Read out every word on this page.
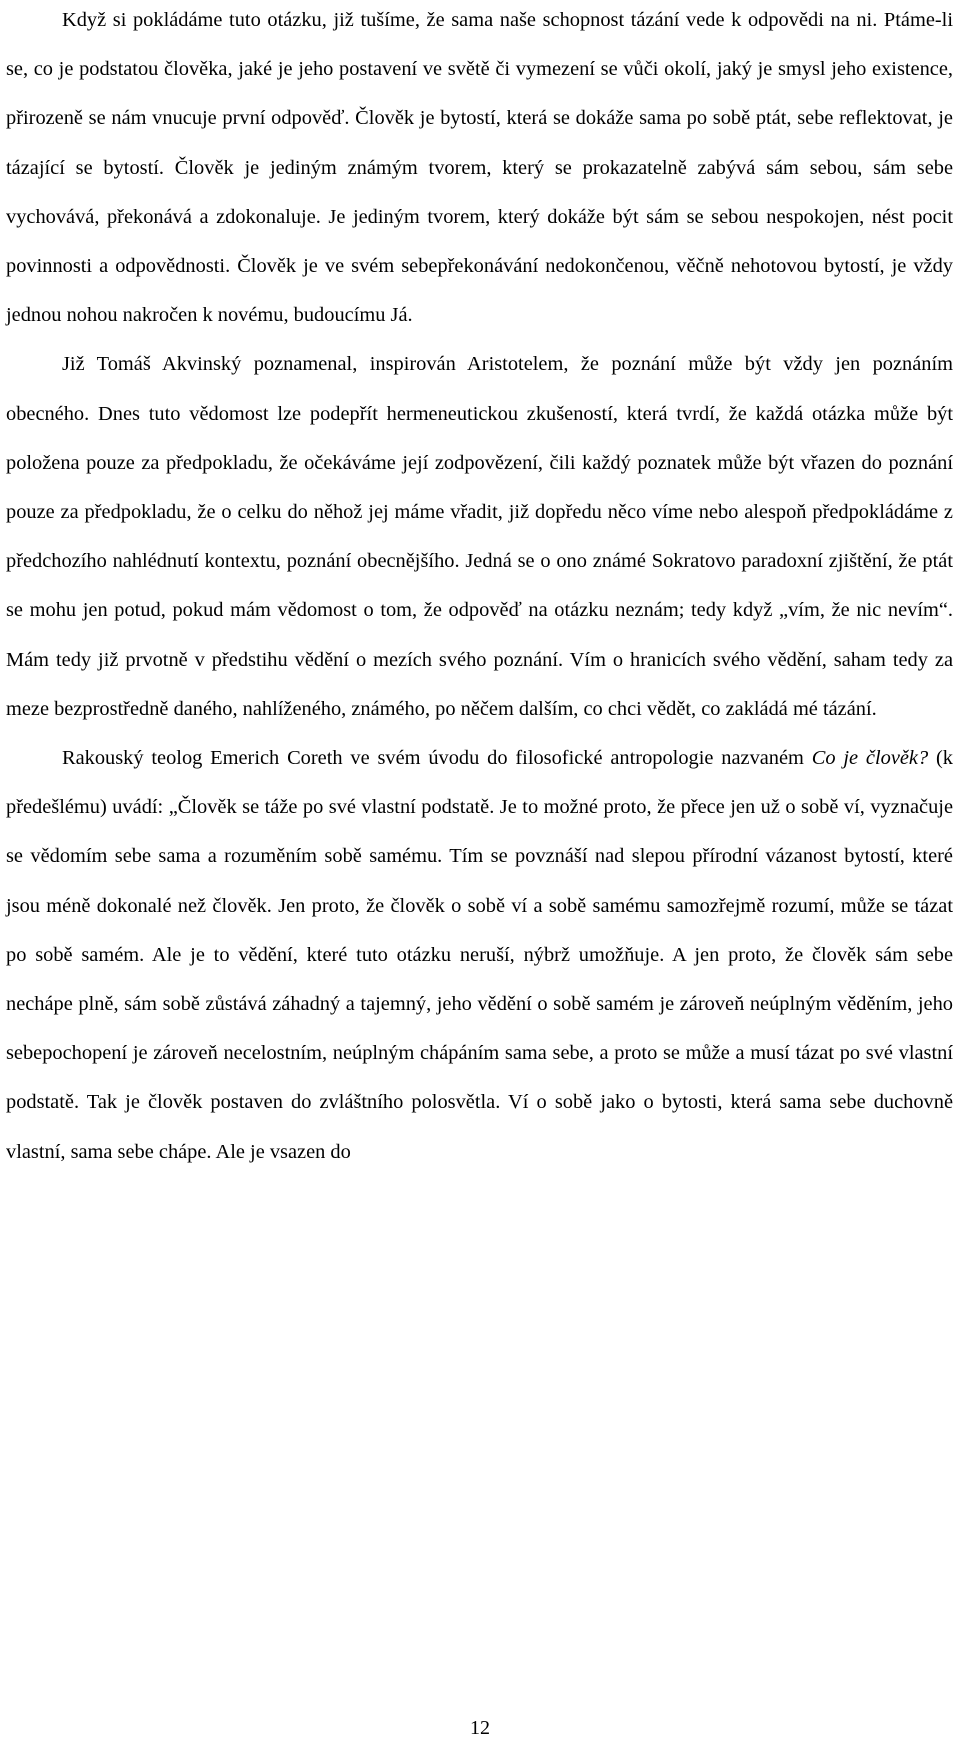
Když si pokládáme tuto otázku, již tušíme, že sama naše schopnost tázání vede k odpovědi na ni. Ptáme-li se, co je podstatou člověka, jaké je jeho postavení ve světě či vymezení se vůči okolí, jaký je smysl jeho existence, přirozeně se nám vnucuje první odpověď. Člověk je bytostí, která se dokáže sama po sobě ptát, sebe reflektovat, je tázající se bytostí. Člověk je jediným známým tvorem, který se prokazatelně zabývá sám sebou, sám sebe vychovává, překonává a zdokonaluje. Je jediným tvorem, který dokáže být sám se sebou nespokojen, nést pocit povinnosti a odpovědnosti. Člověk je ve svém sebepřekonávání nedokončenou, věčně nehotovou bytostí, je vždy jednou nohou nakročen k novému, budoucímu Já.

Již Tomáš Akvinský poznamenal, inspirován Aristotelem, že poznání může být vždy jen poznáním obecného. Dnes tuto vědomost lze podepřít hermeneutickou zkušeností, která tvrdí, že každá otázka může být položena pouze za předpokladu, že očekáváme její zodpovězení, čili každý poznatek může být vřazen do poznání pouze za předpokladu, že o celku do něhož jej máme vřadit, již dopředu něco víme nebo alespoň předpokládáme z předchozího nahlédnutí kontextu, poznání obecnějšího. Jedná se o ono známé Sokratovo paradoxní zjištění, že ptát se mohu jen potud, pokud mám vědomost o tom, že odpověď na otázku neznám; tedy když „vím, že nic nevím“. Mám tedy již prvotně v předstihu vědění o mezích svého poznání. Vím o hranicích svého vědění, saham tedy za meze bezprostředně daného, nahlíženého, známého, po něčem dalším, co chci vědět, co zakládá mé tázání.

Rakouský teolog Emerich Coreth ve svém úvodu do filosofické antropologie nazvaném Co je člověk? (k předešlému) uvádí: „Člověk se táže po své vlastní podstatě. Je to možné proto, že přece jen už o sobě ví, vyznačuje se vědomím sebe sama a rozuměním sobě samému. Tím se povznáší nad slepou přírodní vázanost bytostí, které jsou méně dokonalé než člověk. Jen proto, že člověk o sobě ví a sobě samému samozřejmě rozumí, může se tázat po sobě samém. Ale je to vědění, které tuto otázku neruší, nýbrž umožňuje. A jen proto, že člověk sám sebe nechápe plně, sám sobě zůstává záhadný a tajemný, jeho vědění o sobě samém je zároveň neúplným věděním, jeho sebepochopení je zároveň necelostním, neúplným chápáním sama sebe, a proto se může a musí tázat po své vlastní podstatě. Tak je člověk postaven do zvláštního polosvětla. Ví o sobě jako o bytosti, která sama sebe duchovně vlastní, sama sebe chápe. Ale je vsazen do

12
